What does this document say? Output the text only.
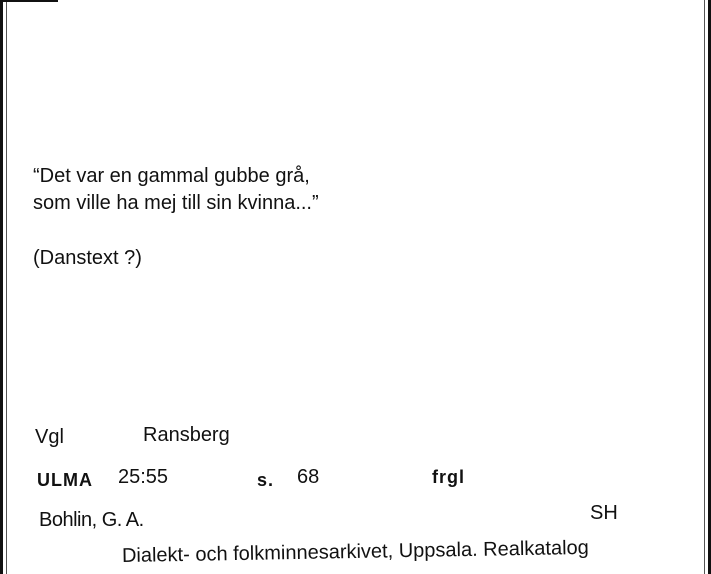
“Det var en gammal gubbe grå,
som ville ha mej till sin kvinna...”
(Danstext ?)
Vgl	Ransberg
ULMA 25:55	s. 68	frgl
Bohlin, G. A.	SH
Dialekt- och folkminnesarkivet, Uppsala. Realkatalog
